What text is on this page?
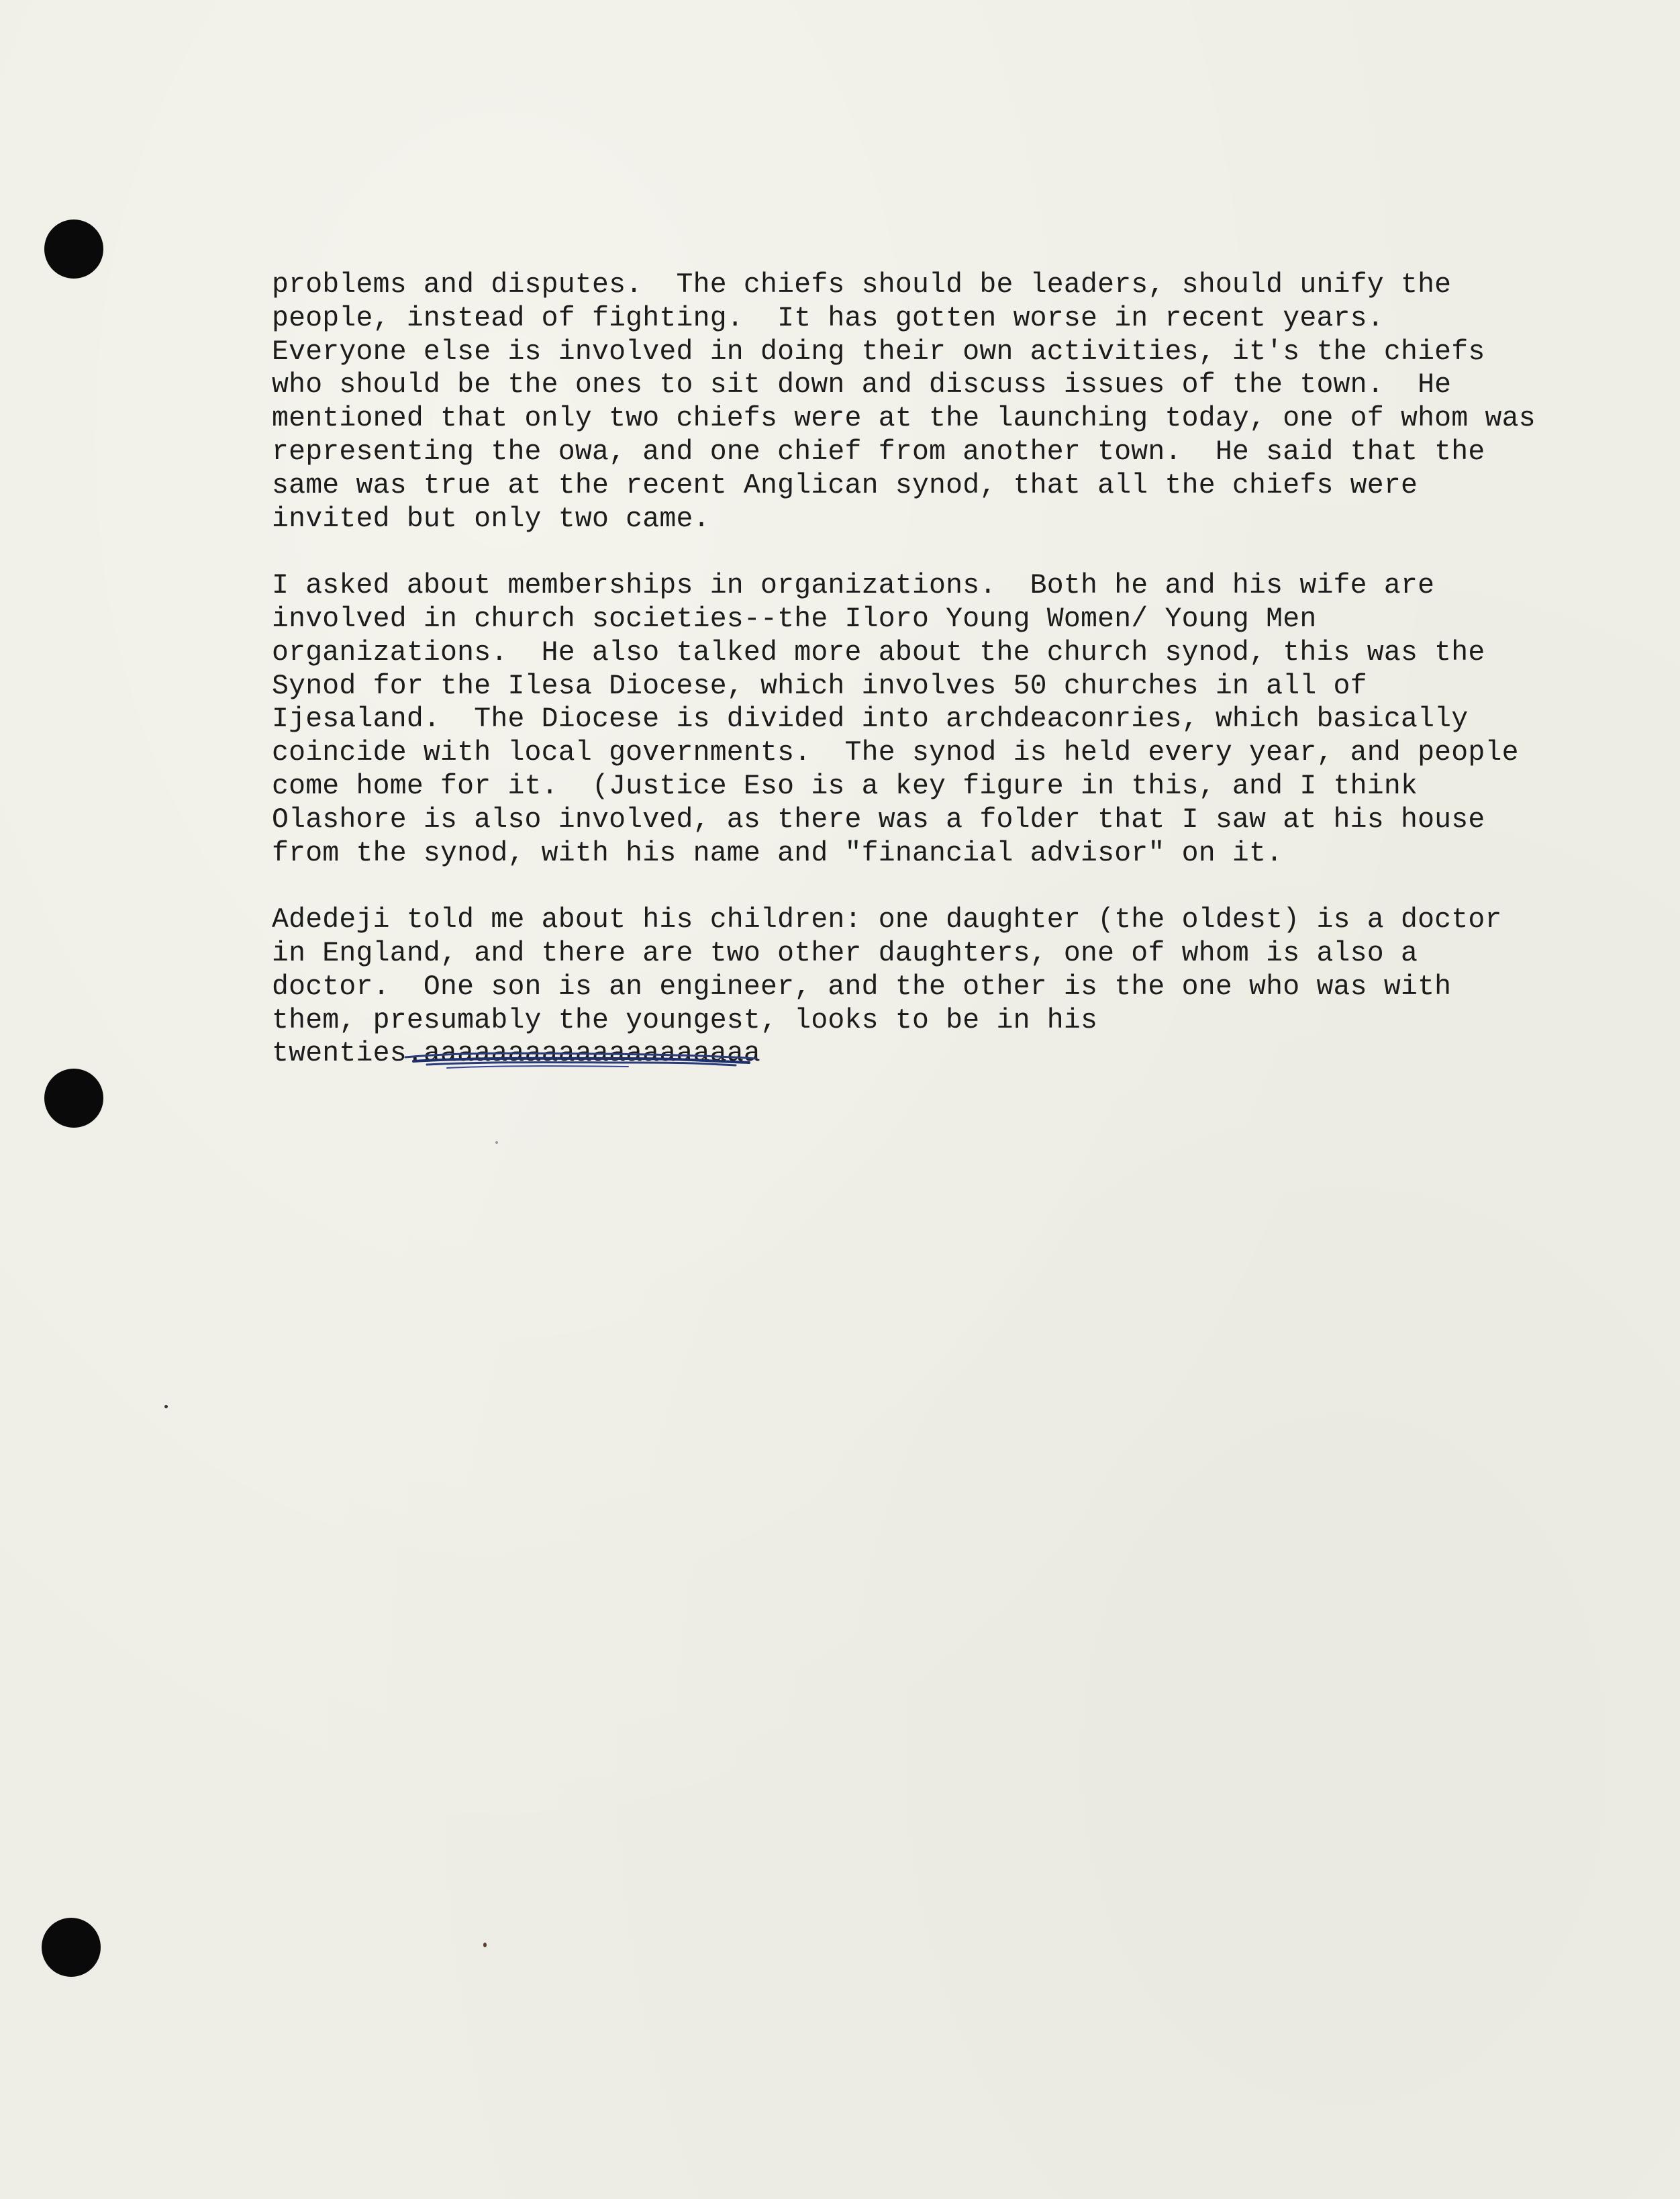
problems and disputes.  The chiefs should be leaders, should unify the
people, instead of fighting.  It has gotten worse in recent years.
Everyone else is involved in doing their own activities, it's the chiefs
who should be the ones to sit down and discuss issues of the town.  He
mentioned that only two chiefs were at the launching today, one of whom was
representing the owa, and one chief from another town.  He said that the
same was true at the recent Anglican synod, that all the chiefs were
invited but only two came.
I asked about memberships in organizations.  Both he and his wife are
involved in church societies--the Iloro Young Women/ Young Men
organizations.  He also talked more about the church synod, this was the
Synod for the Ilesa Diocese, which involves 50 churches in all of
Ijesaland.  The Diocese is divided into archdeaconries, which basically
coincide with local governments.  The synod is held every year, and people
come home for it.  (Justice Eso is a key figure in this, and I think
Olashore is also involved, as there was a folder that I saw at his house
from the synod, with his name and "financial advisor" on it.
Adedeji told me about his children: one daughter (the oldest) is a doctor
in England, and there are two other daughters, one of whom is also a
doctor.  One son is an engineer, and the other is the one who was with
them, presumably the youngest, looks to be in his
twenties.aaaaaaaaaaaaaaaaaaaa
